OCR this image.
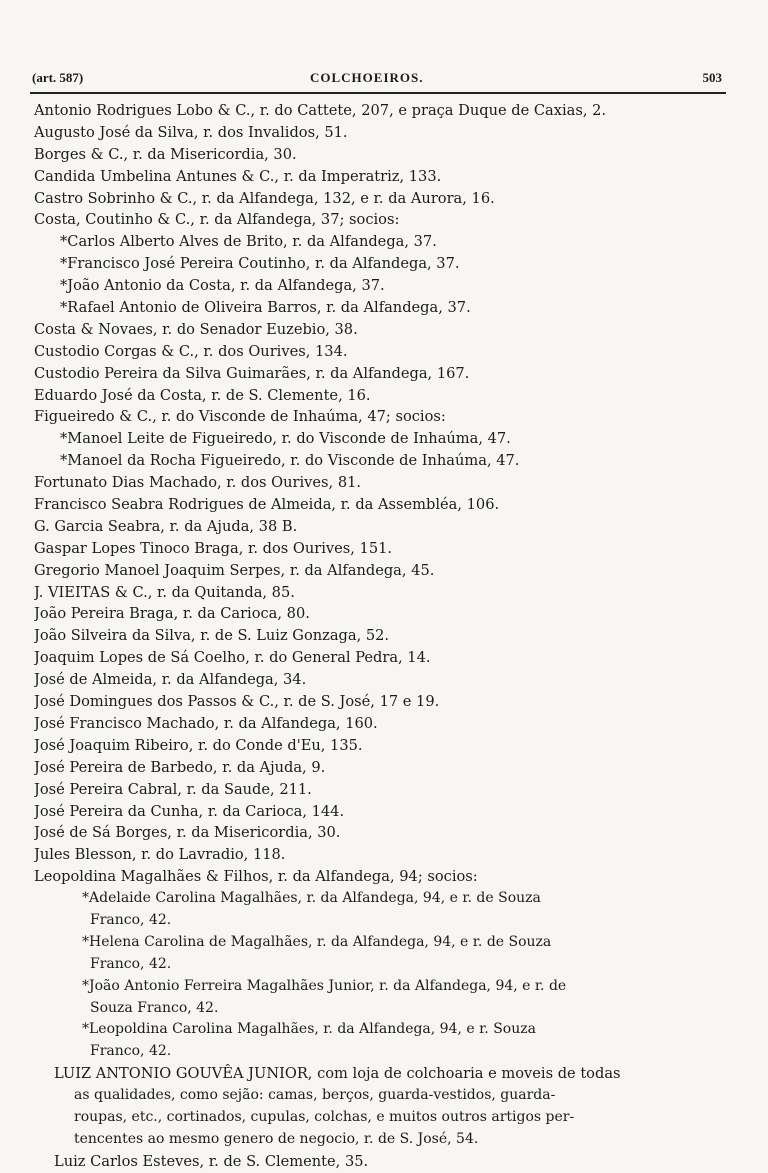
(art. 587)	COLCHOEIROS.	503
Antonio Rodrigues Lobo & C., r. do Cattete, 207, e praça Duque de Caxias, 2.
Augusto José da Silva, r. dos Invalidos, 51.
Borges & C., r. da Misericordia, 30.
Candida Umbelina Antunes & C., r. da Imperatriz, 133.
Castro Sobrinho & C., r. da Alfandega, 132, e r. da Aurora, 16.
Costa, Coutinho & C., r. da Alfandega, 37; socios:
*Carlos Alberto Alves de Brito, r. da Alfandega, 37.
*Francisco José Pereira Coutinho, r. da Alfandega, 37.
*João Antonio da Costa, r. da Alfandega, 37.
*Rafael Antonio de Oliveira Barros, r. da Alfandega, 37.
Costa & Novaes, r. do Senador Euzebio, 38.
Custodio Corgas & C., r. dos Ourives, 134.
Custodio Pereira da Silva Guimarães, r. da Alfandega, 167.
Eduardo José da Costa, r. de S. Clemente, 16.
Figueiredo & C., r. do Visconde de Inhaúma, 47; socios:
*Manoel Leite de Figueiredo, r. do Visconde de Inhaúma, 47.
*Manoel da Rocha Figueiredo, r. do Visconde de Inhaúma, 47.
Fortunato Dias Machado, r. dos Ourives, 81.
Francisco Seabra Rodrigues de Almeida, r. da Assembléa, 106.
G. Garcia Seabra, r. da Ajuda, 38 B.
Gaspar Lopes Tinoco Braga, r. dos Ourives, 151.
Gregorio Manoel Joaquim Serpes, r. da Alfandega, 45.
J. VIEITAS & C., r. da Quitanda, 85.
João Pereira Braga, r. da Carioca, 80.
João Silveira da Silva, r. de S. Luiz Gonzaga, 52.
Joaquim Lopes de Sá Coelho, r. do General Pedra, 14.
José de Almeida, r. da Alfandega, 34.
José Domingues dos Passos & C., r. de S. José, 17 e 19.
José Francisco Machado, r. da Alfandega, 160.
José Joaquim Ribeiro, r. do Conde d'Eu, 135.
José Pereira de Barbedo, r. da Ajuda, 9.
José Pereira Cabral, r. da Saude, 211.
José Pereira da Cunha, r. da Carioca, 144.
José de Sá Borges, r. da Misericordia, 30.
Jules Blesson, r. do Lavradio, 118.
Leopoldina Magalhães & Filhos, r. da Alfandega, 94; socios:
*Adelaide Carolina Magalhães, r. da Alfandega, 94, e r. de Souza
Franco, 42.
*Helena Carolina de Magalhães, r. da Alfandega, 94, e r. de Souza
Franco, 42.
*João Antonio Ferreira Magalhães Junior, r. da Alfandega, 94, e r. de
Souza Franco, 42.
*Leopoldina Carolina Magalhães, r. da Alfandega, 94, e r. Souza
Franco, 42.
LUIZ ANTONIO GOUVÊA JUNIOR, com loja de colchoaria e moveis de todas
as qualidades, como sejão: camas, berços, guarda-vestidos, guarda-
roupas, etc., cortinados, cupulas, colchas, e muitos outros artigos per-
tencentes ao mesmo genero de negocio, r. de S. José, 54.
Luiz Carlos Esteves, r. de S. Clemente, 35.
